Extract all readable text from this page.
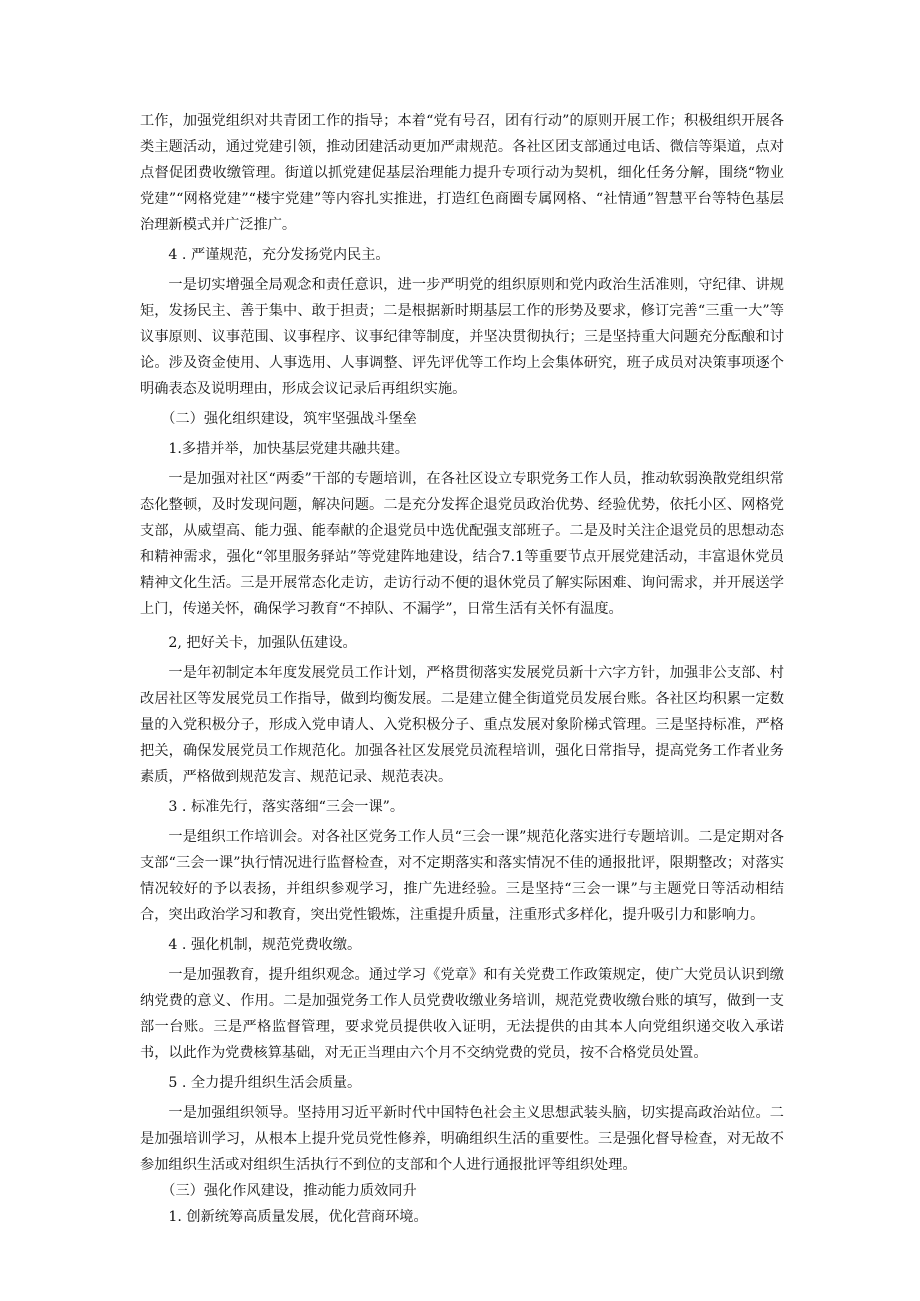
工作，加强党组织对共青团工作的指导；本着“党有号召，团有行动”的原则开展工作；积极组织开展各类主题活动，通过党建引领，推动团建活动更加严肃规范。各社区团支部通过电话、微信等渠道，点对点督促团费收缴管理。街道以抓党建促基层治理能力提升专项行动为契机，细化任务分解，围绕“物业党建”“网格党建”“楼宇党建”等内容扎实推进，打造红色商圈专属网格、“社情通”智慧平台等特色基层治理新模式并广泛推广。

4 . 严谨规范，充分发扬党内民主。

一是切实增强全局观念和责任意识，进一步严明党的组织原则和党内政治生活准则，守纪律、讲规矩，发扬民主、善于集中、敢于担责；二是根据新时期基层工作的形势及要求，修订完善“三重一大”等议事原则、议事范围、议事程序、议事纪律等制度，并坚决贯彻执行；三是坚持重大问题充分酝酿和讨论。涉及资金使用、人事选用、人事调整、评先评优等工作均上会集体研究，班子成员对决策事项逐个明确表态及说明理由，形成会议记录后再组织实施。

（二）强化组织建设，筑牢坚强战斗堡垒

1.多措并举，加快基层党建共融共建。

一是加强对社区“两委”干部的专题培训，在各社区设立专职党务工作人员，推动软弱涣散党组织常态化整顿，及时发现问题，解决问题。二是充分发挥企退党员政治优势、经验优势，依托小区、网格党支部，从威望高、能力强、能奉献的企退党员中选优配强支部班子。二是及时关注企退党员的思想动态和精神需求，强化“邻里服务驿站”等党建阵地建设，结合7.1等重要节点开展党建活动，丰富退休党员精神文化生活。三是开展常态化走访，走访行动不便的退休党员了解实际困难、询问需求，并开展送学上门，传递关怀，确保学习教育“不掉队、不漏学”，日常生活有关怀有温度。

2, 把好关卡，加强队伍建设。

一是年初制定本年度发展党员工作计划，严格贯彻落实发展党员新十六字方针，加强非公支部、村改居社区等发展党员工作指导，做到均衡发展。二是建立健全街道党员发展台账。各社区均积累一定数量的入党积极分子，形成入党申请人、入党积极分子、重点发展对象阶梯式管理。三是坚持标准，严格把关，确保发展党员工作规范化。加强各社区发展党员流程培训，强化日常指导，提高党务工作者业务素质，严格做到规范发言、规范记录、规范表决。

3 . 标准先行，落实落细“三会一课”。

一是组织工作培训会。对各社区党务工作人员“三会一课”规范化落实进行专题培训。二是定期对各支部“三会一课”执行情况进行监督检查，对不定期落实和落实情况不佳的通报批评，限期整改；对落实情况较好的予以表扬，并组织参观学习，推广先进经验。三是坚持“三会一课”与主题党日等活动相结合，突出政治学习和教育，突出党性锻炼，注重提升质量，注重形式多样化，提升吸引力和影响力。

4 . 强化机制，规范党费收缴。

一是加强教育，提升组织观念。通过学习《党章》和有关党费工作政策规定，使广大党员认识到缴纳党费的意义、作用。二是加强党务工作人员党费收缴业务培训，规范党费收缴台账的填写，做到一支部一台账。三是严格监督管理，要求党员提供收入证明，无法提供的由其本人向党组织递交收入承诺书，以此作为党费核算基础，对无正当理由六个月不交纳党费的党员，按不合格党员处置。

5 . 全力提升组织生活会质量。

一是加强组织领导。坚持用习近平新时代中国特色社会主义思想武装头脑，切实提高政治站位。二是加强培训学习，从根本上提升党员党性修养，明确组织生活的重要性。三是强化督导检查，对无故不参加组织生活或对组织生活执行不到位的支部和个人进行通报批评等组织处理。

（三）强化作风建设，推动能力质效同升

1. 创新统筹高质量发展，优化营商环境。
